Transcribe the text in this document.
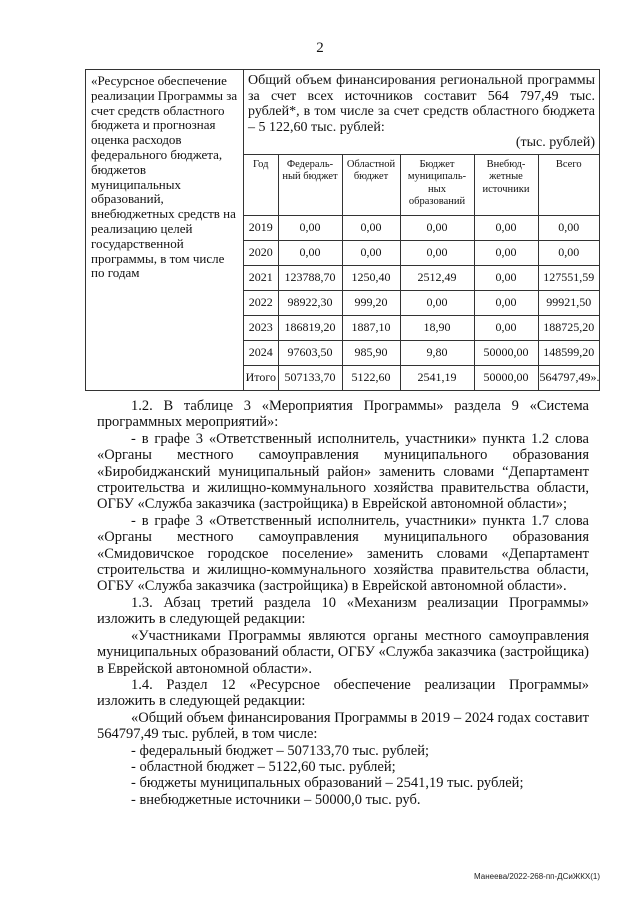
2
«Ресурсное обеспечение реализации Программы за счет средств областного бюджета и прогнозная оценка расходов федерального бюджета, бюджетов муниципальных образований, внебюджетных средств на реализацию целей государственной программы, в том числе по годам	
Общий объем финансирования региональной программы за счет всех источников составит 564 797,49 тыс. рублей*, в том числе за счет средств областного бюджета – 5 122,60 тыс. рублей:
(тыс. рублей)
Год	Федераль-ный бюджет	Областной бюджет	Бюджет муниципаль-ных образований	Внебюд-жетные источники	Всего
2019	0,00	0,00	0,00	0,00	0,00
2020	0,00	0,00	0,00	0,00	0,00
2021	123788,70	1250,40	2512,49	0,00	127551,59
2022	98922,30	999,20	0,00	0,00	99921,50
2023	186819,20	1887,10	18,90	0,00	188725,20
2024	97603,50	985,90	9,80	50000,00	148599,20
Итого	507133,70	5122,60	2541,19	50000,00	564797,49».

1.2. В таблице 3 «Мероприятия Программы» раздела 9 «Система программных мероприятий»:

- в графе 3 «Ответственный исполнитель, участники» пункта 1.2 слова «Органы местного самоуправления муниципального образования «Биробиджанский муниципальный район» заменить словами “Департамент строительства и жилищно-коммунального хозяйства правительства области, ОГБУ «Служба заказчика (застройщика) в Еврейской автономной области»;

- в графе 3 «Ответственный исполнитель, участники» пункта 1.7 слова «Органы местного самоуправления муниципального образования «Смидовичское городское поселение» заменить словами «Департамент строительства и жилищно-коммунального хозяйства правительства области, ОГБУ «Служба заказчика (застройщика) в Еврейской автономной области».

1.3. Абзац третий раздела 10 «Механизм реализации Программы» изложить в следующей редакции:

«Участниками Программы являются органы местного самоуправления муниципальных образований области, ОГБУ «Служба заказчика (застройщика) в Еврейской автономной области».

1.4. Раздел 12 «Ресурсное обеспечение реализации Программы» изложить в следующей редакции:

«Общий объем финансирования Программы в 2019 – 2024 годах составит 564797,49 тыс. рублей, в том числе:

- федеральный бюджет – 507133,70 тыс. рублей;

- областной бюджет – 5122,60 тыс. рублей;

- бюджеты муниципальных образований – 2541,19 тыс. рублей;

- внебюджетные источники – 50000,0 тыс. руб.

Манеева/2022-268-пп-ДСиЖКХ(1)
